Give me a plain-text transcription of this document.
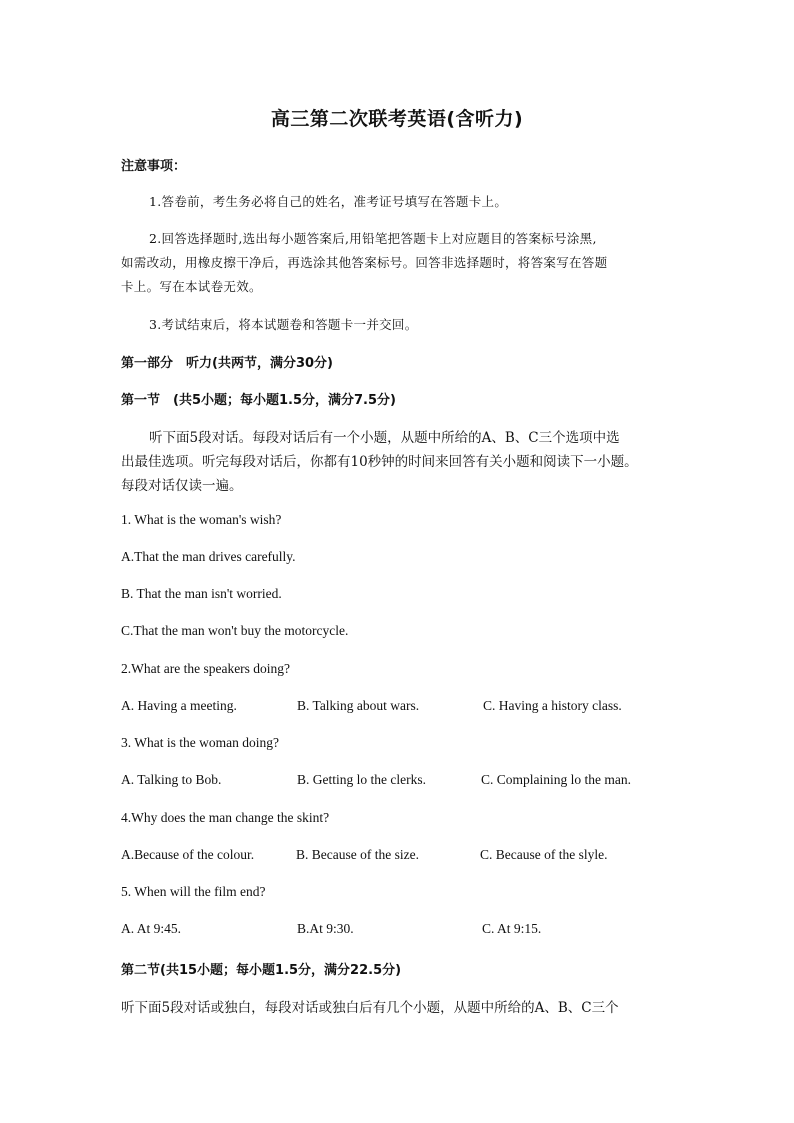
高三第二次联考英语(含听力)
注意事项：
1.答卷前，考生务必将自己的姓名，准考证号填写在答题卡上。
2.回答选择题时,选出每小题答案后,用铅笔把答题卡上对应题目的答案标号涂黑,
如需改动，用橡皮擦干净后，再选涂其他答案标号。回答非选择题时，将答案写在答题
卡上。写在本试卷无效。
3.考试结束后，将本试题卷和答题卡一并交回。
第一部分　听力(共两节，满分30分)
第一节　(共5小题；每小题1.5分，满分7.5分)
听下面5段对话。每段对话后有一个小题，从题中所给的A、B、C三个选项中选
出最佳选项。听完每段对话后，你都有10秒钟的时间来回答有关小题和阅读下一小题。
每段对话仅读一遍。
1. What is the woman's wish?
A.That the man drives carefully.
B. That the man isn't worried.
C.That the man won't buy the motorcycle.
2.What are the speakers doing?
A. Having a meeting.	B. Talking about wars.	C. Having a history class.
3. What is the woman doing?
A. Talking to Bob.	B. Getting lo the clerks.	C. Complaining lo the man.
4.Why does the man change the skint?
A.Because of the colour.	B. Because of the size.	C. Because of the slyle.
5. When will the film end?
A. At 9:45.	B.At 9:30.	C. At 9:15.
第二节(共15小题；每小题1.5分，满分22.5分)
听下面5段对话或独白，每段对话或独白后有几个小题，从题中所给的A、B、C三个
